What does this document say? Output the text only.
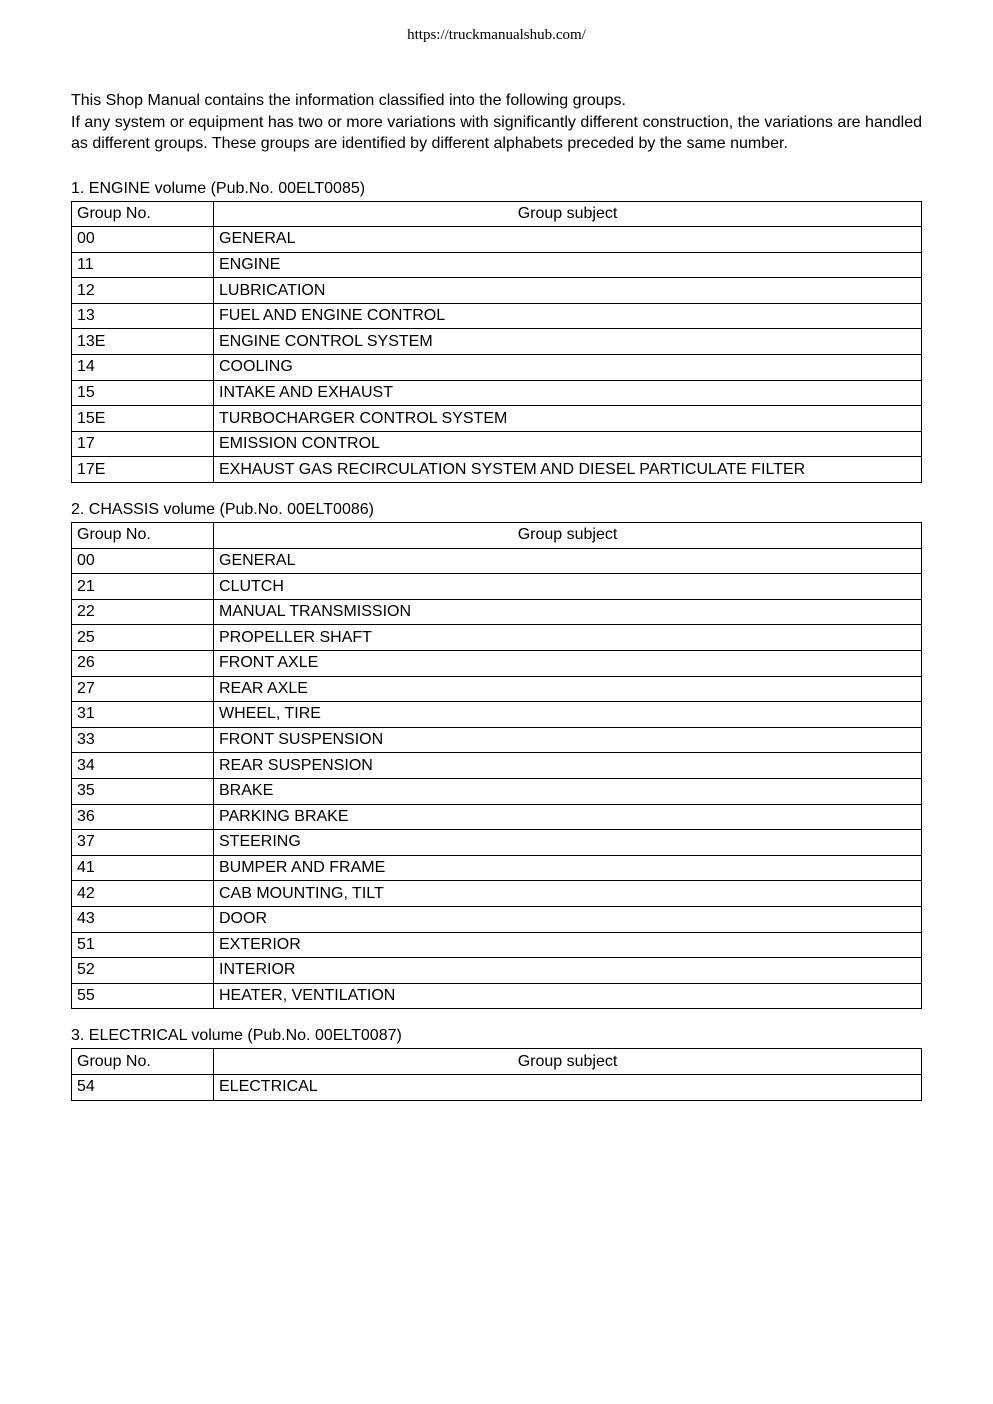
https://truckmanualshub.com/

This Shop Manual contains the information classified into the following groups.

If any system or equipment has two or more variations with significantly different construction, the variations are handled as different groups. These groups are identified by different alphabets preceded by the same number.

1. ENGINE volume (Pub.No. 00ELT0085)

Group No.	Group subject
00	GENERAL
11	ENGINE
12	LUBRICATION
13	FUEL AND ENGINE CONTROL
13E	ENGINE CONTROL SYSTEM
14	COOLING
15	INTAKE AND EXHAUST
15E	TURBOCHARGER CONTROL SYSTEM
17	EMISSION CONTROL
17E	EXHAUST GAS RECIRCULATION SYSTEM AND DIESEL PARTICULATE FILTER

2. CHASSIS volume (Pub.No. 00ELT0086)

Group No.	Group subject
00	GENERAL
21	CLUTCH
22	MANUAL TRANSMISSION
25	PROPELLER SHAFT
26	FRONT AXLE
27	REAR AXLE
31	WHEEL, TIRE
33	FRONT SUSPENSION
34	REAR SUSPENSION
35	BRAKE
36	PARKING BRAKE
37	STEERING
41	BUMPER AND FRAME
42	CAB MOUNTING, TILT
43	DOOR
51	EXTERIOR
52	INTERIOR
55	HEATER, VENTILATION

3. ELECTRICAL volume (Pub.No. 00ELT0087)

Group No.	Group subject
54	ELECTRICAL
